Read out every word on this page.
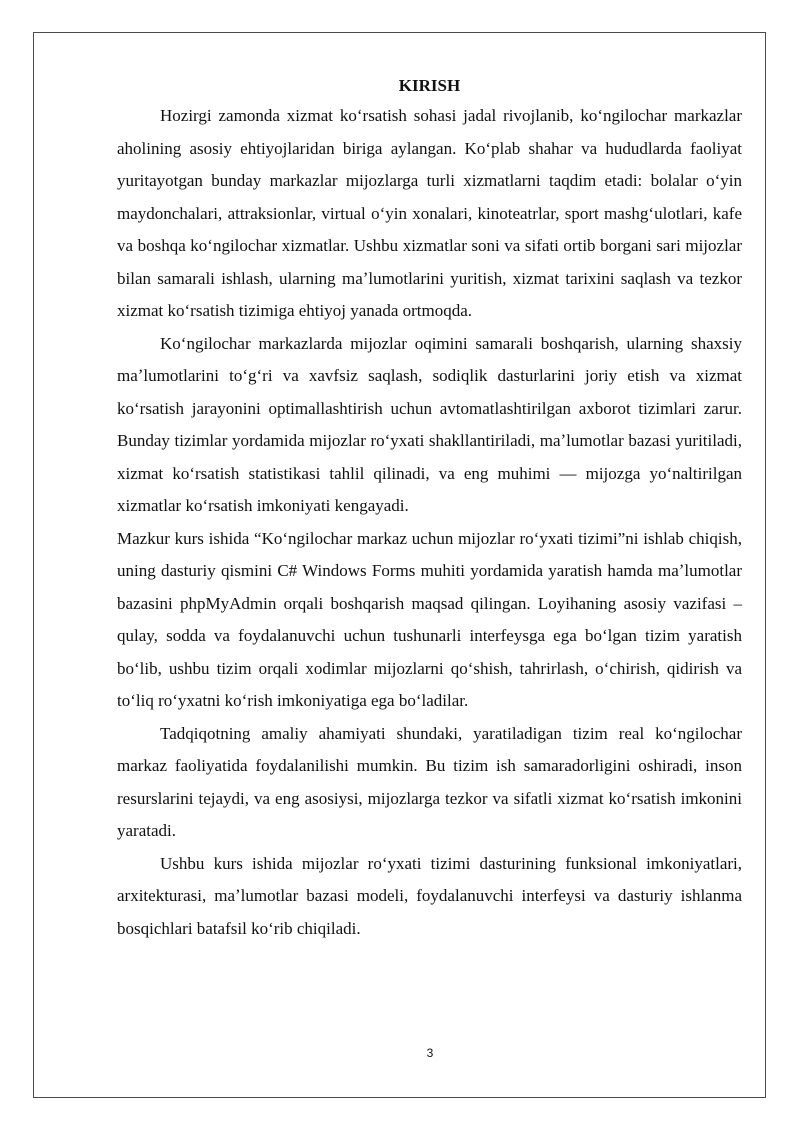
KIRISH

Hozirgi zamonda xizmat koʻrsatish sohasi jadal rivojlanib, koʻngilochar markazlar aholining asosiy ehtiyojlaridan biriga aylangan. Koʻplab shahar va hududlarda faoliyat yuritayotgan bunday markazlar mijozlarga turli xizmatlarni taqdim etadi: bolalar oʻyin maydonchalari, attraksionlar, virtual oʻyin xonalari, kinoteatrlar, sport mashgʻulotlari, kafe va boshqa koʻngilochar xizmatlar. Ushbu xizmatlar soni va sifati ortib borgani sari mijozlar bilan samarali ishlash, ularning maʼlumotlarini yuritish, xizmat tarixini saqlash va tezkor xizmat koʻrsatish tizimiga ehtiyoj yanada ortmoqda.

Koʻngilochar markazlarda mijozlar oqimini samarali boshqarish, ularning shaxsiy maʼlumotlarini toʻgʻri va xavfsiz saqlash, sodiqlik dasturlarini joriy etish va xizmat koʻrsatish jarayonini optimallashtirish uchun avtomatlashtirilgan axborot tizimlari zarur. Bunday tizimlar yordamida mijozlar roʻyxati shakllantiriladi, maʼlumotlar bazasi yuritiladi, xizmat koʻrsatish statistikasi tahlil qilinadi, va eng muhimi — mijozga yoʻnaltirilgan xizmatlar koʻrsatish imkoniyati kengayadi.

Mazkur kurs ishida “Koʻngilochar markaz uchun mijozlar roʻyxati tizimi”ni ishlab chiqish, uning dasturiy qismini C# Windows Forms muhiti yordamida yaratish hamda maʼlumotlar bazasini phpMyAdmin orqali boshqarish maqsad qilingan. Loyihaning asosiy vazifasi – qulay, sodda va foydalanuvchi uchun tushunarli interfeysga ega boʻlgan tizim yaratish boʻlib, ushbu tizim orqali xodimlar mijozlarni qoʻshish, tahrirlash, oʻchirish, qidirish va toʻliq roʻyxatni koʻrish imkoniyatiga ega boʻladilar.

Tadqiqotning amaliy ahamiyati shundaki, yaratiladigan tizim real koʻngilochar markaz faoliyatida foydalanilishi mumkin. Bu tizim ish samaradorligini oshiradi, inson resurslarini tejaydi, va eng asosiysi, mijozlarga tezkor va sifatli xizmat koʻrsatish imkonini yaratadi.

Ushbu kurs ishida mijozlar roʻyxati tizimi dasturining funksional imkoniyatlari, arxitekturasi, maʼlumotlar bazasi modeli, foydalanuvchi interfeysi va dasturiy ishlanma bosqichlari batafsil koʻrib chiqiladi.

3
